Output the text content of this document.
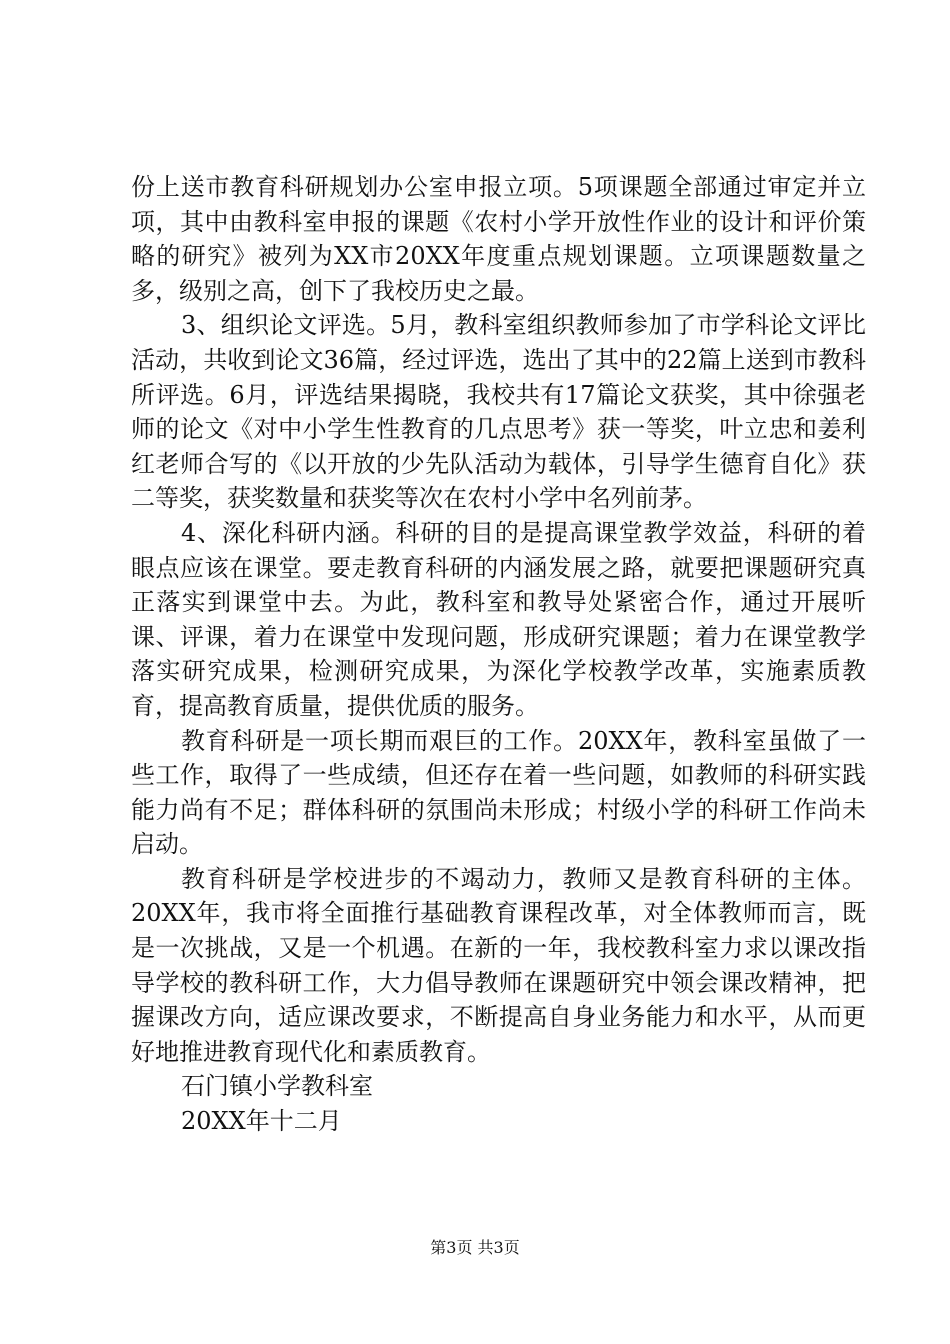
份上送市教育科研规划办公室申报立项。5项课题全部通过审定并立项，其中由教科室申报的课题《农村小学开放性作业的设计和评价策略的研究》被列为XX市20XX年度重点规划课题。立项课题数量之多，级别之高，创下了我校历史之最。

3、组织论文评选。5月，教科室组织教师参加了市学科论文评比活动，共收到论文36篇，经过评选，选出了其中的22篇上送到市教科所评选。6月，评选结果揭晓，我校共有17篇论文获奖，其中徐强老师的论文《对中小学生性教育的几点思考》获一等奖，叶立忠和姜利红老师合写的《以开放的少先队活动为载体，引导学生德育自化》获二等奖，获奖数量和获奖等次在农村小学中名列前茅。

4、深化科研内涵。科研的目的是提高课堂教学效益，科研的着眼点应该在课堂。要走教育科研的内涵发展之路，就要把课题研究真正落实到课堂中去。为此，教科室和教导处紧密合作，通过开展听课、评课，着力在课堂中发现问题，形成研究课题；着力在课堂教学落实研究成果，检测研究成果，为深化学校教学改革，实施素质教育，提高教育质量，提供优质的服务。

教育科研是一项长期而艰巨的工作。20XX年，教科室虽做了一些工作，取得了一些成绩，但还存在着一些问题，如教师的科研实践能力尚有不足；群体科研的氛围尚未形成；村级小学的科研工作尚未启动。

教育科研是学校进步的不竭动力，教师又是教育科研的主体。20XX年，我市将全面推行基础教育课程改革，对全体教师而言，既是一次挑战，又是一个机遇。在新的一年，我校教科室力求以课改指导学校的教科研工作，大力倡导教师在课题研究中领会课改精神，把握课改方向，适应课改要求，不断提高自身业务能力和水平，从而更好地推进教育现代化和素质教育。

石门镇小学教科室
20XX年十二月
第3页 共3页
